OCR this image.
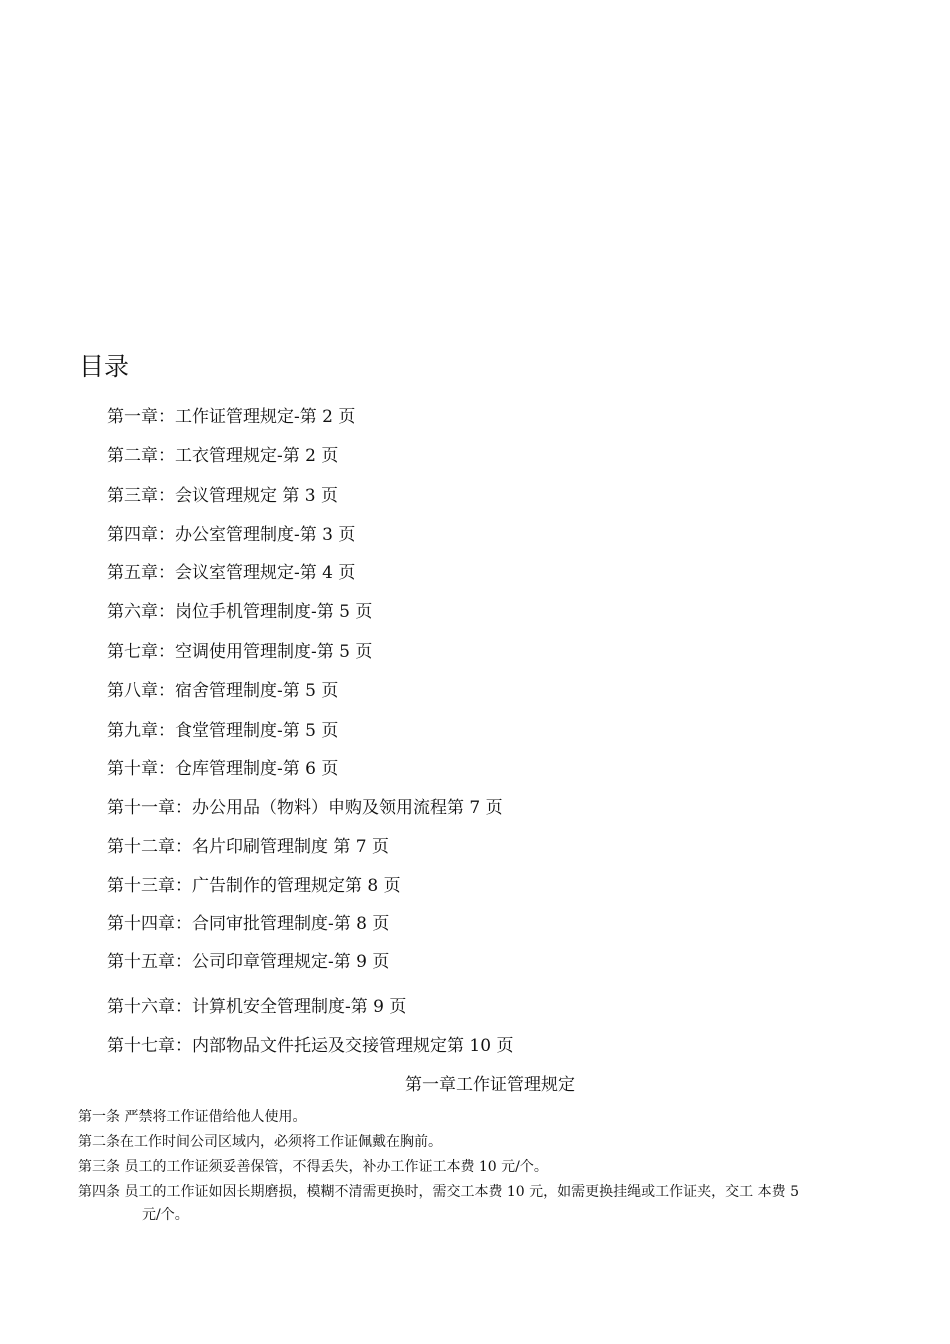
目录
第一章：工作证管理规定-第 2 页
第二章：工衣管理规定-第 2 页
第三章：会议管理规定 第 3 页
第四章：办公室管理制度-第 3 页
第五章：会议室管理规定-第 4 页
第六章：岗位手机管理制度-第 5 页
第七章：空调使用管理制度-第 5 页
第八章：宿舍管理制度-第 5 页
第九章：食堂管理制度-第 5 页
第十章：仓库管理制度-第 6 页
第十一章：办公用品（物料）申购及领用流程第 7 页
第十二章：名片印刷管理制度 第 7 页
第十三章：广告制作的管理规定第 8 页
第十四章：合同审批管理制度-第 8 页
第十五章：公司印章管理规定-第 9 页
第十六章：计算机安全管理制度-第 9 页
第十七章：内部物品文件托运及交接管理规定第 10 页
第一章工作证管理规定
第一条 严禁将工作证借给他人使用。
第二条在工作时间公司区域内，必须将工作证佩戴在胸前。
第三条 员工的工作证须妥善保管，不得丢失，补办工作证工本费 10 元/个。
第四条 员工的工作证如因长期磨损，模糊不清需更换时，需交工本费 10 元，如需更换挂绳或工作证夹，交工 本费 5
元/个。
